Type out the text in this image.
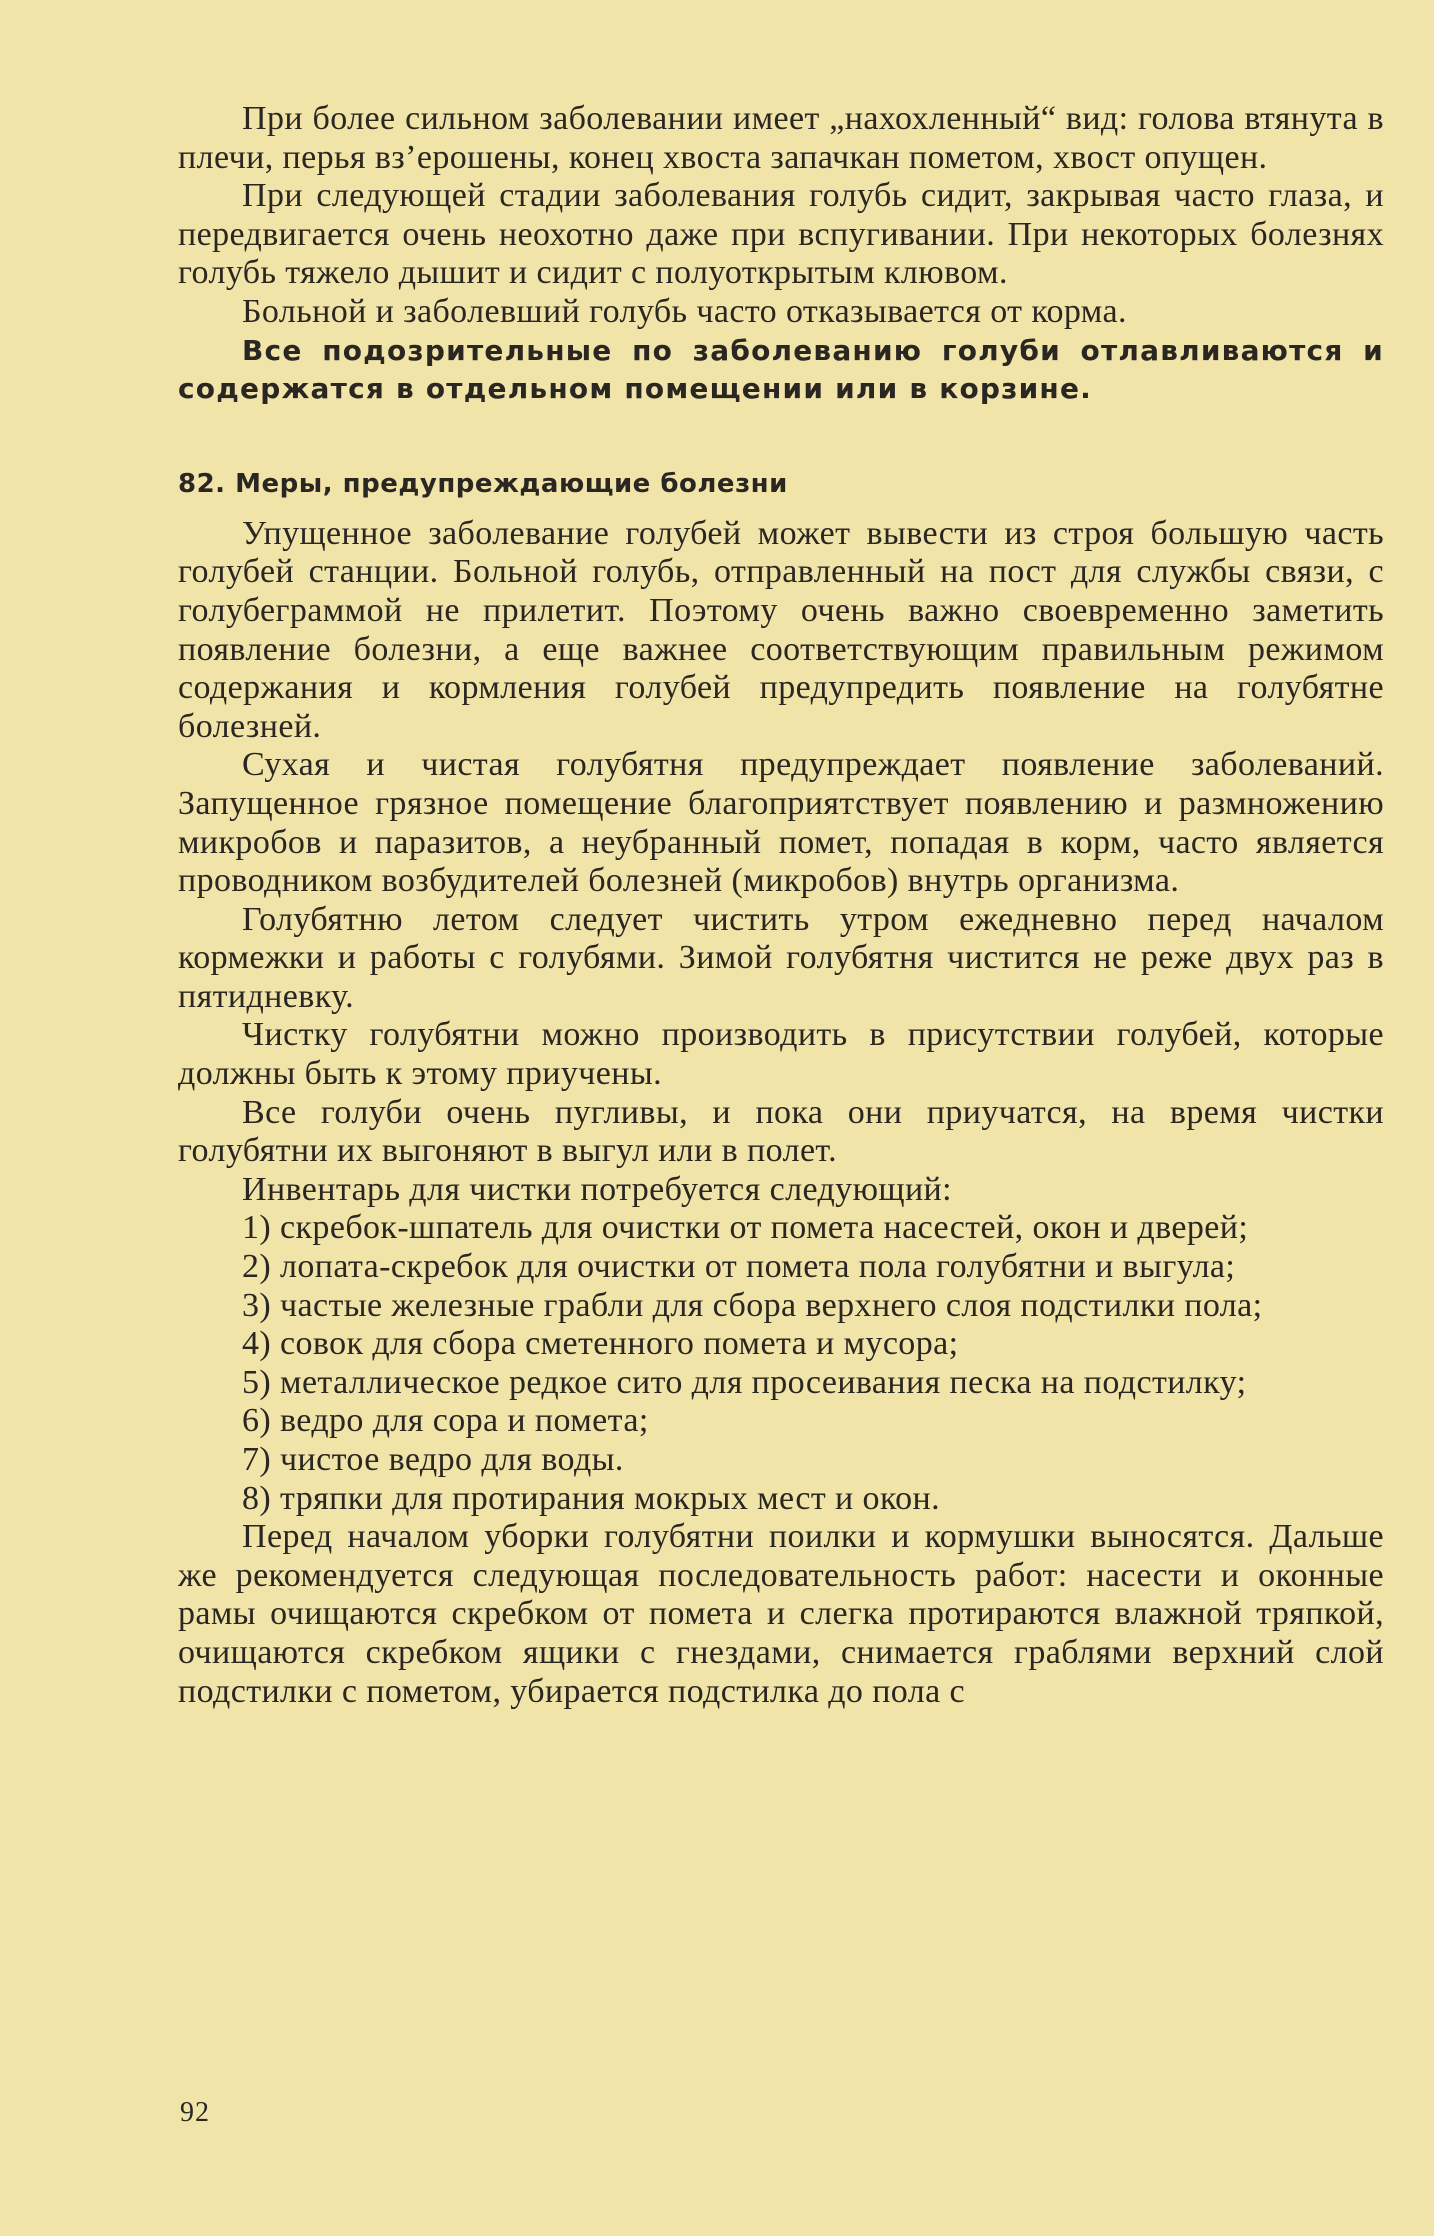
При более сильном заболевании имеет „нахохленный“ вид: голова втянута в плечи, перья вз’ерошены, конец хвоста запачкан пометом, хвост опущен.

При следующей стадии заболевания голубь сидит, закрывая часто глаза, и передвигается очень неохотно даже при вспугивании. При некоторых болезнях голубь тяжело дышит и сидит с полуоткрытым клювом.

Больной и заболевший голубь часто отказывается от корма.

Все подозрительные по заболеванию голуби отлавливаются и содержатся в отдельном помещении или в корзине.

82. Меры, предупреждающие болезни

Упущенное заболевание голубей может вывести из строя большую часть голубей станции. Больной голубь, отправленный на пост для службы связи, с голубеграммой не прилетит. Поэтому очень важно своевременно заметить появление болезни, а еще важнее соответствующим правильным режимом содержания и кормления голубей предупредить появление на голубятне болезней.

Сухая и чистая голубятня предупреждает появление заболеваний. Запущенное грязное помещение благоприятствует появлению и размножению микробов и паразитов, а неубранный помет, попадая в корм, часто является проводником возбудителей болезней (микробов) внутрь организма.

Голубятню летом следует чистить утром ежедневно перед началом кормежки и работы с голубями. Зимой голубятня чистится не реже двух раз в пятидневку.

Чистку голубятни можно производить в присутствии голубей, которые должны быть к этому приучены.

Все голуби очень пугливы, и пока они приучатся, на время чистки голубятни их выгоняют в выгул или в полет.

Инвентарь для чистки потребуется следующий:

1) скребок-шпатель для очистки от помета насестей, окон и дверей;

2) лопата-скребок для очистки от помета пола голубятни и выгула;

3) частые железные грабли для сбора верхнего слоя подстилки пола;

4) совок для сбора сметенного помета и мусора;

5) металлическое редкое сито для просеивания песка на подстилку;

6) ведро для сора и помета;

7) чистое ведро для воды.

8) тряпки для протирания мокрых мест и окон.

Перед началом уборки голубятни поилки и кормушки выносятся. Дальше же рекомендуется следующая последовательность работ: насести и оконные рамы очищаются скребком от помета и слегка протираются влажной тряпкой, очищаются скребком ящики с гнездами, снимается граблями верхний слой подстилки с пометом, убирается подстилка до пола с

92
